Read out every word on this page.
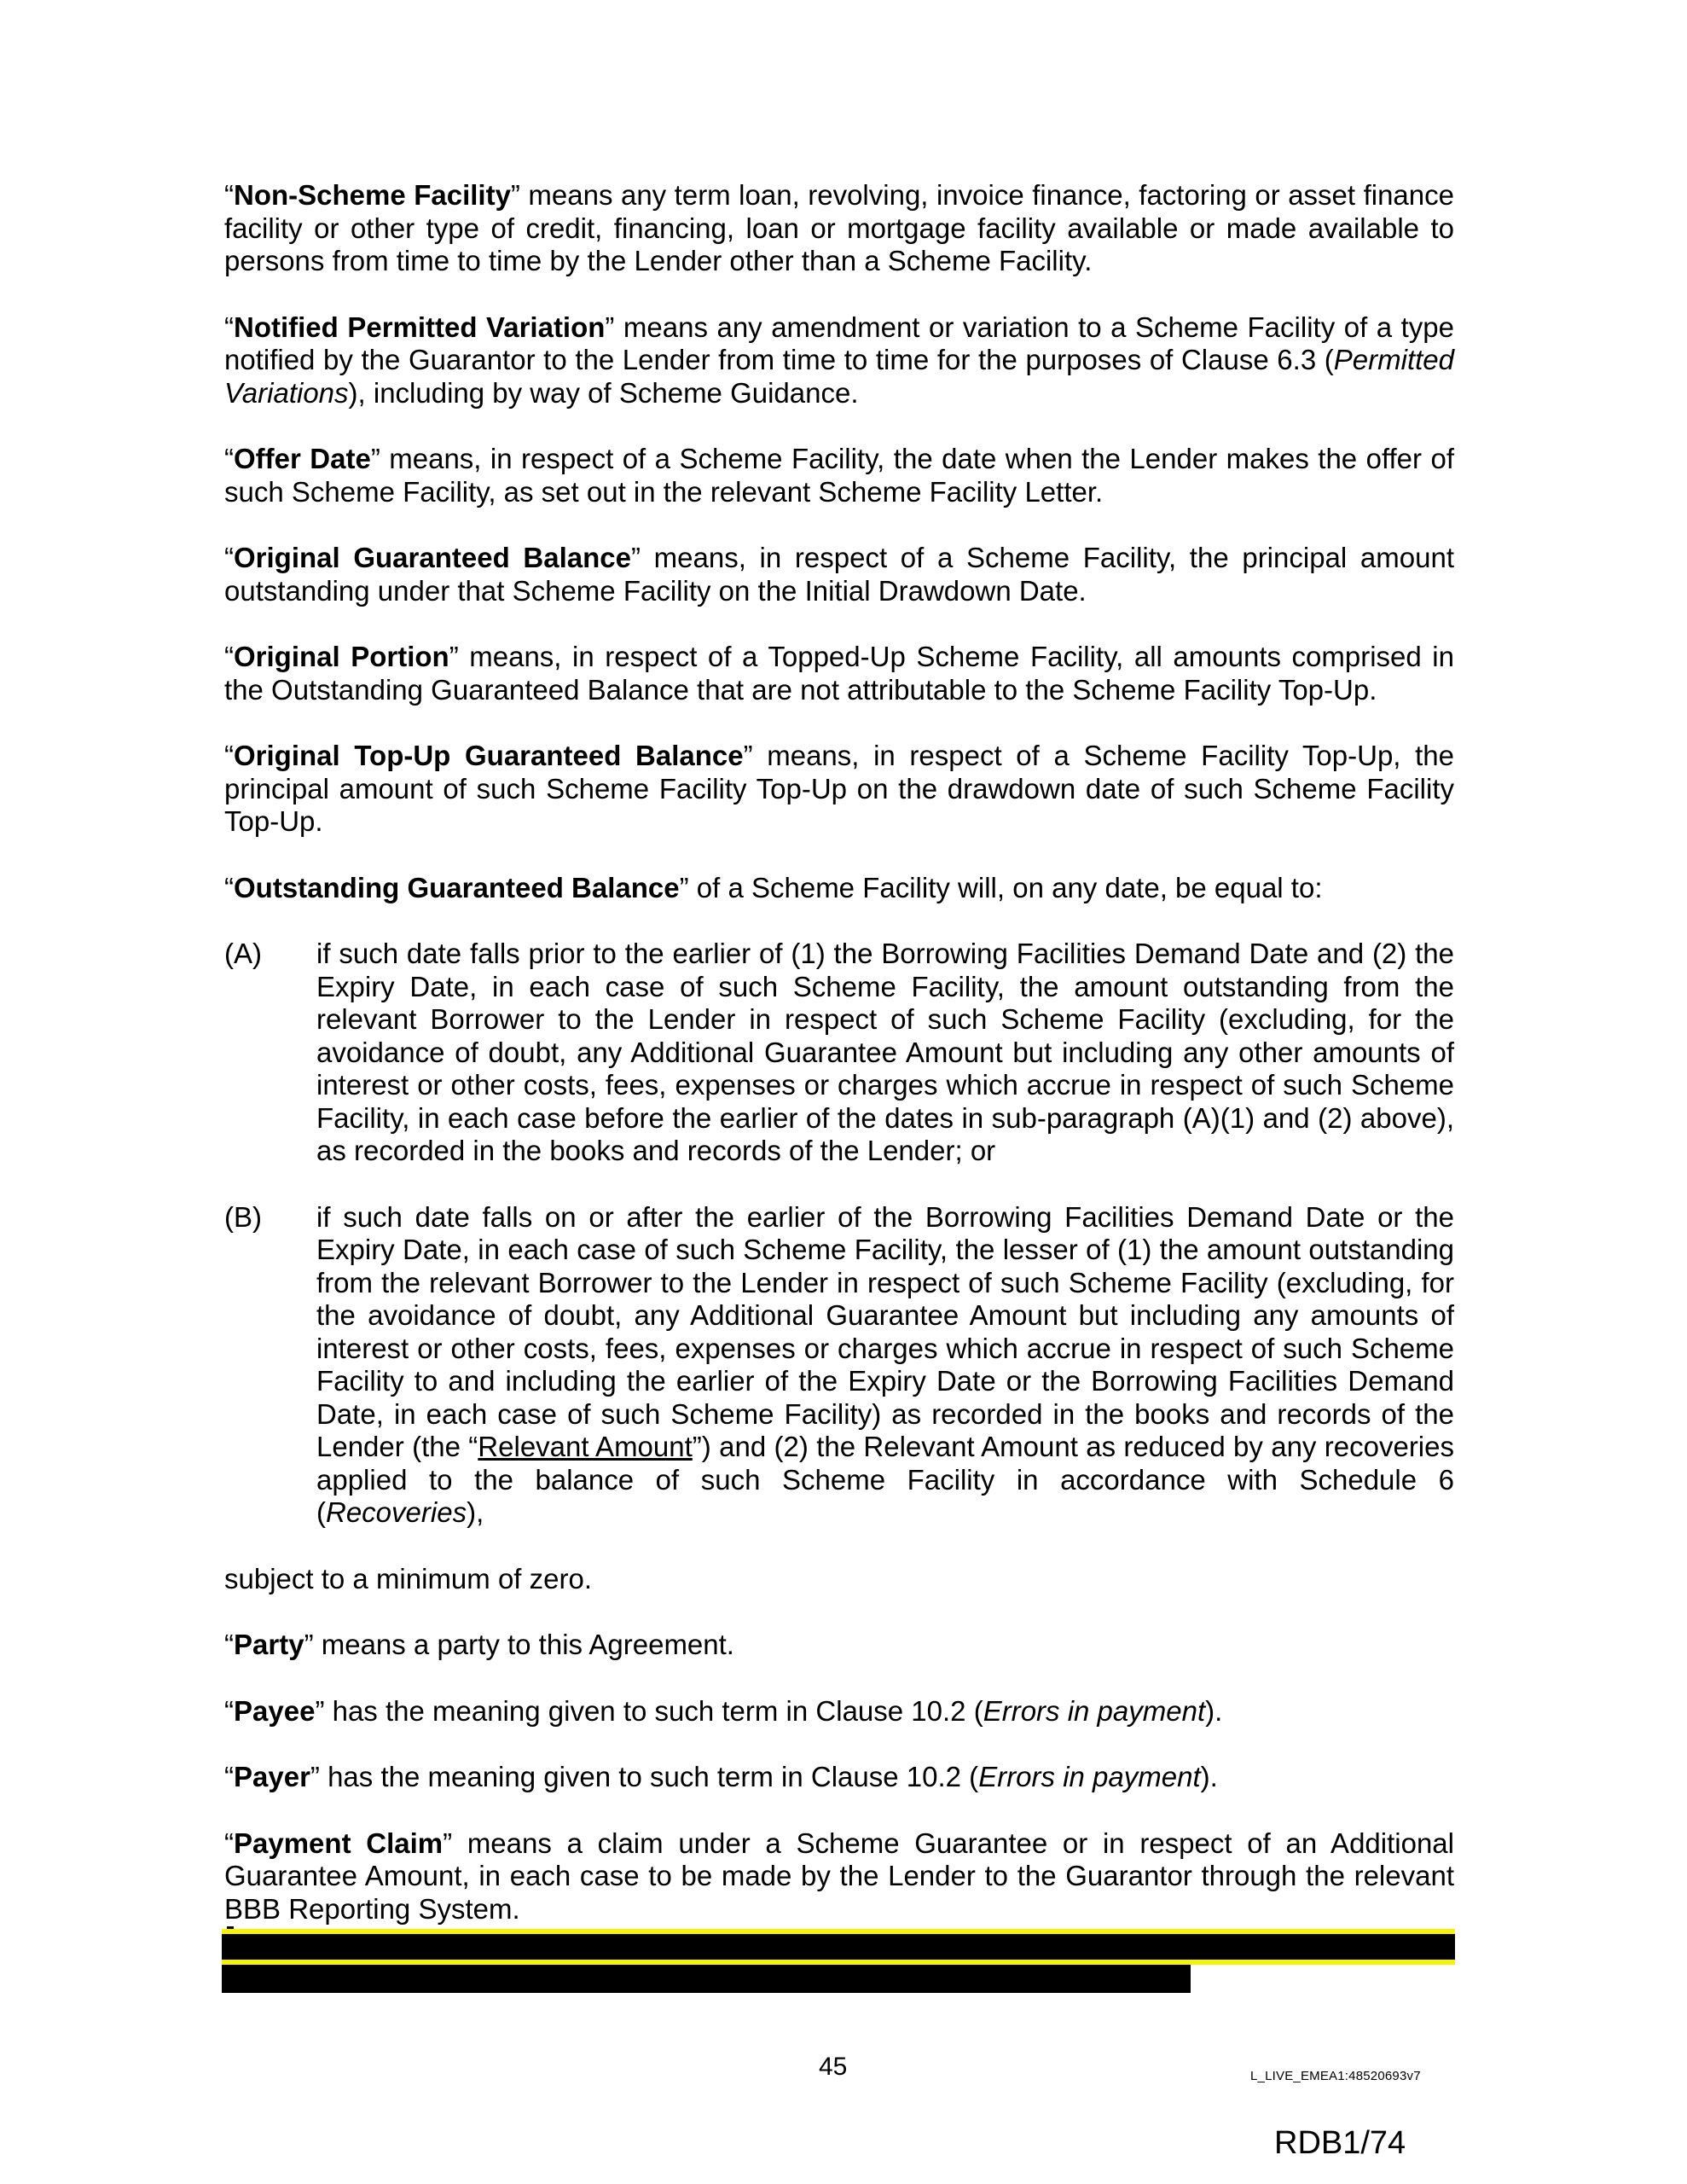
“Non-Scheme Facility” means any term loan, revolving, invoice finance, factoring or asset finance facility or other type of credit, financing, loan or mortgage facility available or made available to persons from time to time by the Lender other than a Scheme Facility.

“Notified Permitted Variation” means any amendment or variation to a Scheme Facility of a type notified by the Guarantor to the Lender from time to time for the purposes of Clause 6.3 (Permitted Variations), including by way of Scheme Guidance.

“Offer Date” means, in respect of a Scheme Facility, the date when the Lender makes the offer of such Scheme Facility, as set out in the relevant Scheme Facility Letter.

“Original Guaranteed Balance” means, in respect of a Scheme Facility, the principal amount outstanding under that Scheme Facility on the Initial Drawdown Date.

“Original Portion” means, in respect of a Topped-Up Scheme Facility, all amounts comprised in the Outstanding Guaranteed Balance that are not attributable to the Scheme Facility Top-Up.

“Original Top-Up Guaranteed Balance” means, in respect of a Scheme Facility Top-Up, the principal amount of such Scheme Facility Top-Up on the drawdown date of such Scheme Facility Top-Up.

“Outstanding Guaranteed Balance” of a Scheme Facility will, on any date, be equal to:

(A) if such date falls prior to the earlier of (1) the Borrowing Facilities Demand Date and (2) the Expiry Date, in each case of such Scheme Facility, the amount outstanding from the relevant Borrower to the Lender in respect of such Scheme Facility (excluding, for the avoidance of doubt, any Additional Guarantee Amount but including any other amounts of interest or other costs, fees, expenses or charges which accrue in respect of such Scheme Facility, in each case before the earlier of the dates in sub-paragraph (A)(1) and (2) above), as recorded in the books and records of the Lender; or
(B) if such date falls on or after the earlier of the Borrowing Facilities Demand Date or the Expiry Date, in each case of such Scheme Facility, the lesser of (1) the amount outstanding from the relevant Borrower to the Lender in respect of such Scheme Facility (excluding, for the avoidance of doubt, any Additional Guarantee Amount but including any amounts of interest or other costs, fees, expenses or charges which accrue in respect of such Scheme Facility to and including the earlier of the Expiry Date or the Borrowing Facilities Demand Date, in each case of such Scheme Facility) as recorded in the books and records of the Lender (the “Relevant Amount”) and (2) the Relevant Amount as reduced by any recoveries applied to the balance of such Scheme Facility in accordance with Schedule 6 (Recoveries),

subject to a minimum of zero.

“Party” means a party to this Agreement.

“Payee” has the meaning given to such term in Clause 10.2 (Errors in payment).

“Payer” has the meaning given to such term in Clause 10.2 (Errors in payment).

“Payment Claim” means a claim under a Scheme Guarantee or in respect of an Additional Guarantee Amount, in each case to be made by the Lender to the Guarantor through the relevant BBB Reporting System.

45	L_LIVE_EMEA1:48520693v7
RDB1/74
